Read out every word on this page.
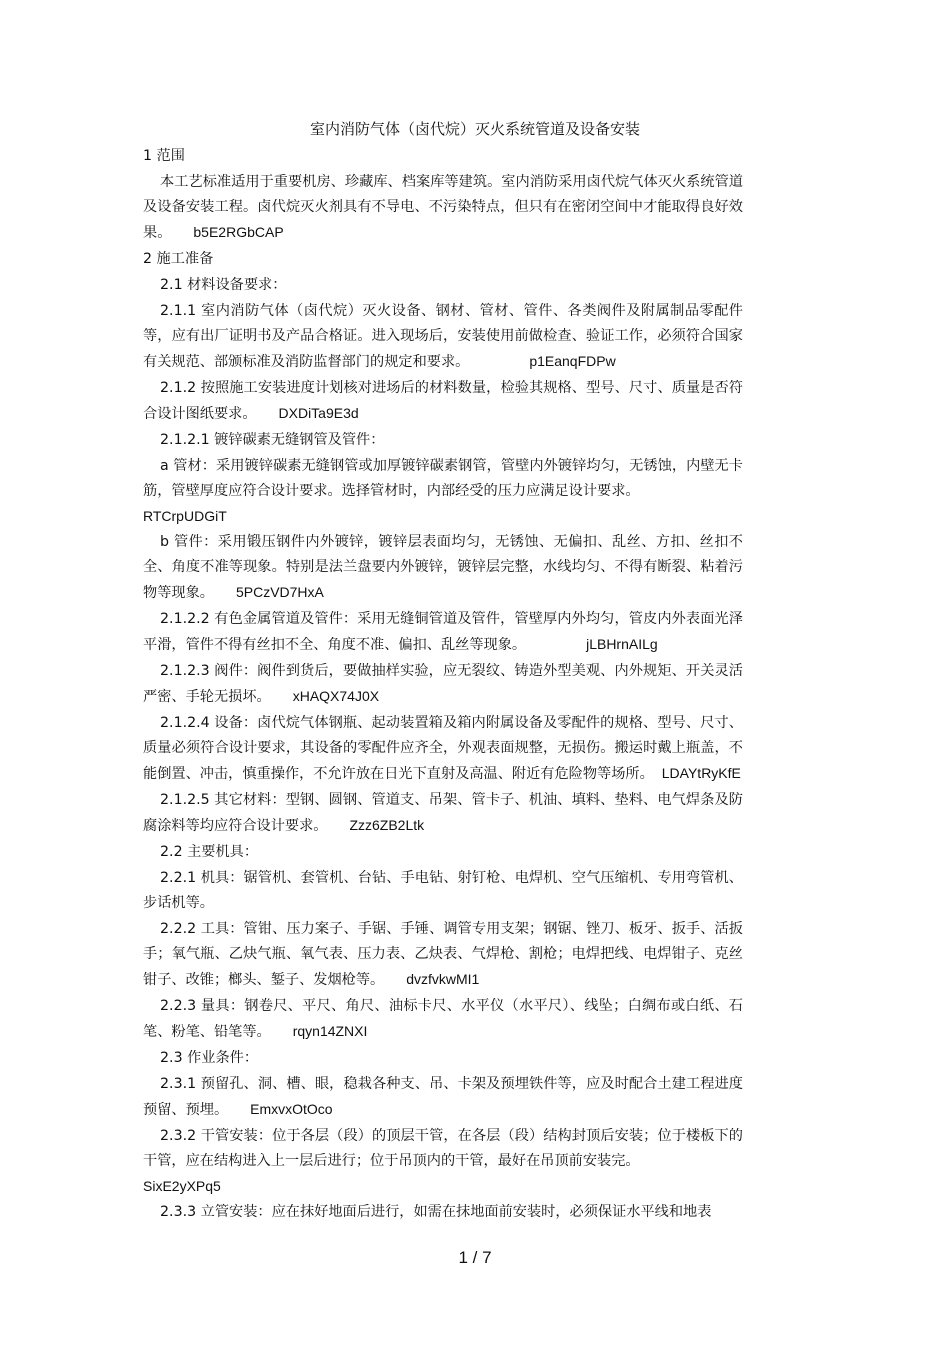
室内消防气体（卤代烷）灭火系统管道及设备安装

1 范围

本工艺标准适用于重要机房、珍藏库、档案库等建筑。室内消防采用卤代烷气体灭火系统管道及设备安装工程。卤代烷灭火剂具有不导电、不污染特点，但只有在密闭空间中才能取得良好效果。 b5E2RGbCAP

2 施工准备

2.1 材料设备要求：

2.1.1 室内消防气体（卤代烷）灭火设备、钢材、管材、管件、各类阀件及附属制品零配件等，应有出厂证明书及产品合格证。进入现场后，安装使用前做检查、验证工作，必须符合国家有关规范、部颁标准及消防监督部门的规定和要求。	p1EanqFDPw

2.1.2 按照施工安装进度计划核对进场后的材料数量，检验其规格、型号、尺寸、质量是否符合设计图纸要求。 DXDiTa9E3d

2.1.2.1 镀锌碳素无缝钢管及管件：

a 管材：采用镀锌碳素无缝钢管或加厚镀锌碳素钢管，管壁内外镀锌均匀，无锈蚀，内壁无卡筋，管壁厚度应符合设计要求。选择管材时，内部经受的压力应满足设计要求。
RTCrpUDGiT

b 管件：采用锻压钢件内外镀锌，镀锌层表面均匀，无锈蚀、无偏扣、乱丝、方扣、丝扣不全、角度不准等现象。特别是法兰盘要内外镀锌，镀锌层完整，水线均匀、不得有断裂、粘着污物等现象。 5PCzVD7HxA

2.1.2.2 有色金属管道及管件：采用无缝铜管道及管件，管壁厚内外均匀，管皮内外表面光泽平滑，管件不得有丝扣不全、角度不准、偏扣、乱丝等现象。	jLBHrnAILg

2.1.2.3 阀件：阀件到货后，要做抽样实验，应无裂纹、铸造外型美观、内外规矩、开关灵活严密、手轮无损坏。 xHAQX74J0X

2.1.2.4 设备：卤代烷气体钢瓶、起动装置箱及箱内附属设备及零配件的规格、型号、尺寸、质量必须符合设计要求，其设备的零配件应齐全，外观表面规整，无损伤。搬运时戴上瓶盖，不能倒置、冲击，慎重操作，不允许放在日光下直射及高温、附近有危险物等场所。 LDAYtRyKfE

2.1.2.5 其它材料：型钢、圆钢、管道支、吊架、管卡子、机油、填料、垫料、电气焊条及防腐涂料等均应符合设计要求。 Zzz6ZB2Ltk

2.2 主要机具：

2.2.1 机具：锯管机、套管机、台钻、手电钻、射钉枪、电焊机、空气压缩机、专用弯管机、步话机等。

2.2.2 工具：管钳、压力案子、手锯、手锤、调管专用支架；钢锯、锉刀、板牙、扳手、活扳手；氧气瓶、乙炔气瓶、氧气表、压力表、乙炔表、气焊枪、割枪；电焊把线、电焊钳子、克丝钳子、改锥；榔头、錾子、发烟枪等。 dvzfvkwMI1

2.2.3 量具：钢卷尺、平尺、角尺、油标卡尺、水平仪（水平尺）、线坠；白绸布或白纸、石笔、粉笔、铅笔等。 rqyn14ZNXI

2.3 作业条件：

2.3.1 预留孔、洞、槽、眼，稳栽各种支、吊、卡架及预埋铁件等，应及时配合土建工程进度预留、预埋。 EmxvxOtOco

2.3.2 干管安装：位于各层（段）的顶层干管，在各层（段）结构封顶后安装；位于楼板下的干管，应在结构进入上一层后进行；位于吊顶内的干管，最好在吊顶前安装完。
SixE2yXPq5

2.3.3 立管安装：应在抹好地面后进行，如需在抹地面前安装时，必须保证水平线和地表

1 / 7
